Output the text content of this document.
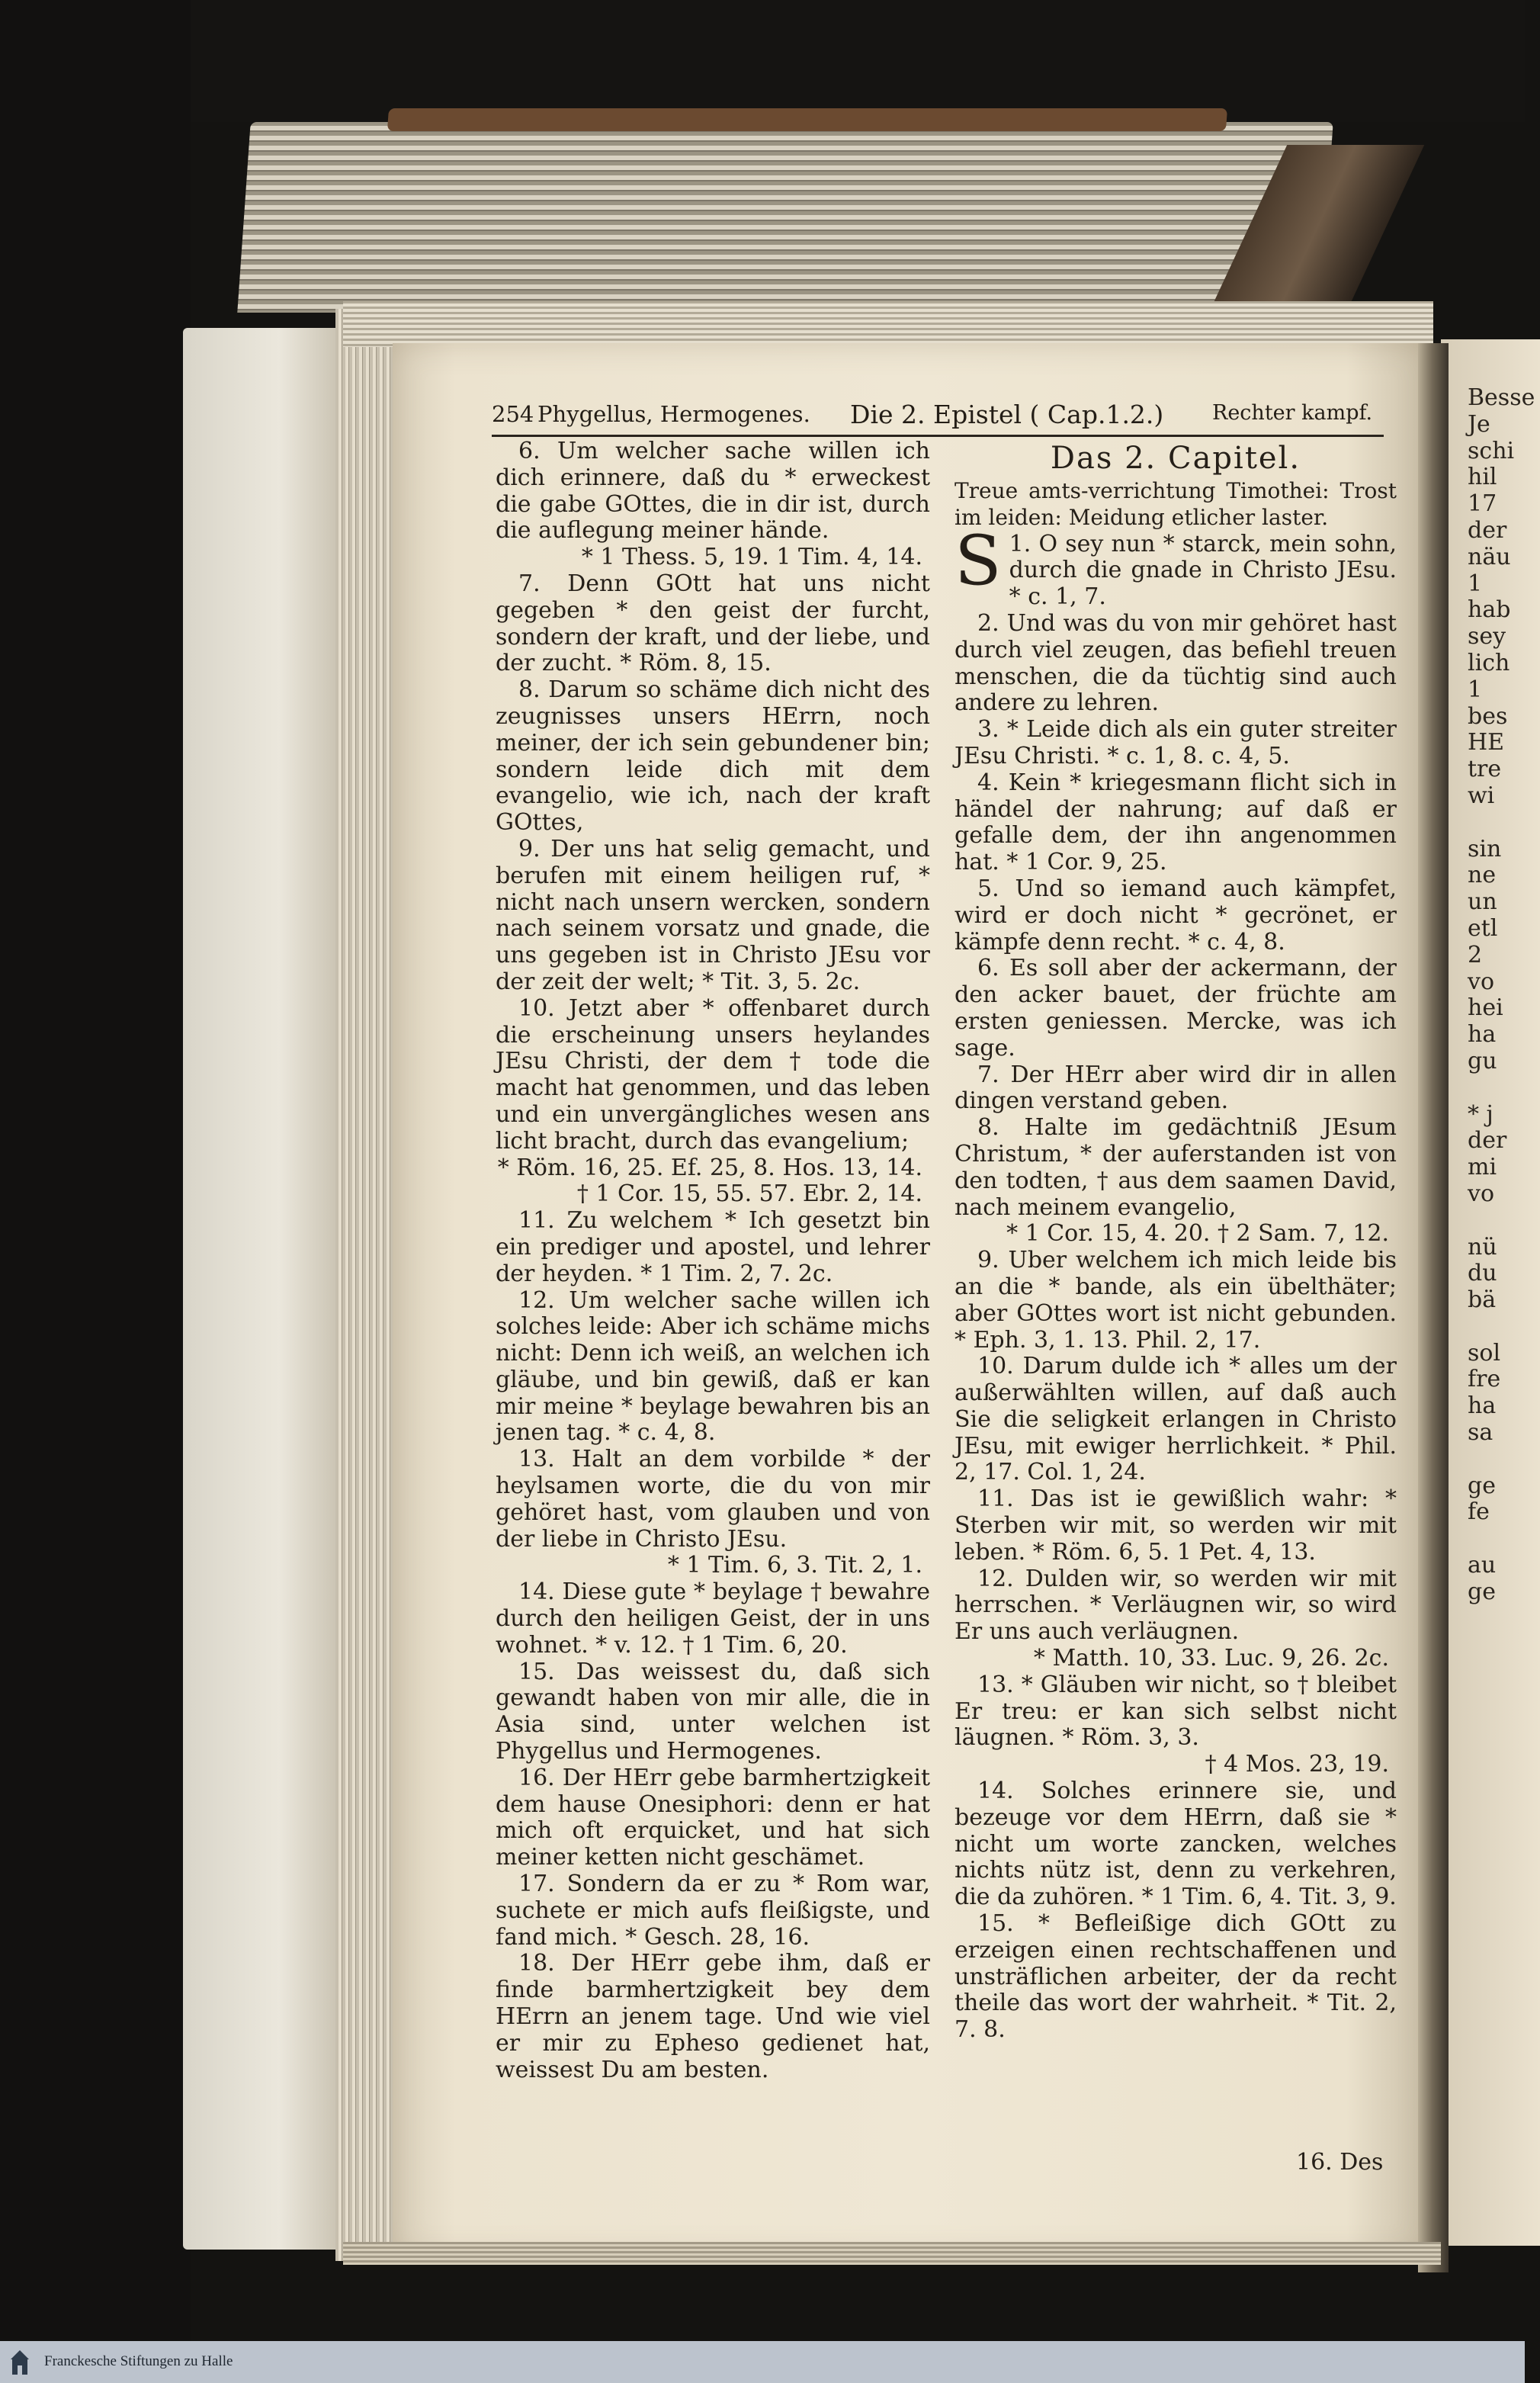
254 Phygellus, Hermogenes. Die 2. Epistel ( Cap.1.2.) Rechter kampf.

6. Um welcher sache willen ich dich erinnere, daß du * erweckest die gabe GOttes, die in dir ist, durch die auflegung meiner hände.

* 1 Thess. 5, 19. 1 Tim. 4, 14.

7. Denn GOtt hat uns nicht gegeben * den geist der furcht, sondern der kraft, und der liebe, und der zucht. * Röm. 8, 15.

8. Darum so schäme dich nicht des zeugnisses unsers HErrn, noch meiner, der ich sein gebundener bin; sondern leide dich mit dem evangelio, wie ich, nach der kraft GOttes,

9. Der uns hat selig gemacht, und berufen mit einem heiligen ruf, * nicht nach unsern wercken, sondern nach seinem vorsatz und gnade, die uns gegeben ist in Christo JEsu vor der zeit der welt; * Tit. 3, 5. 2c.

10. Jetzt aber * offenbaret durch die erscheinung unsers heylandes JEsu Christi, der dem † tode die macht hat genommen, und das leben und ein unvergängliches wesen ans licht bracht, durch das evangelium;

* Röm. 16, 25. Ef. 25, 8. Hos. 13, 14. † 1 Cor. 15, 55. 57. Ebr. 2, 14.

11. Zu welchem * Ich gesetzt bin ein prediger und apostel, und lehrer der heyden. * 1 Tim. 2, 7. 2c.

12. Um welcher sache willen ich solches leide: Aber ich schäme michs nicht: Denn ich weiß, an welchen ich gläube, und bin gewiß, daß er kan mir meine * beylage bewahren bis an jenen tag. * c. 4, 8.

13. Halt an dem vorbilde * der heylsamen worte, die du von mir gehöret hast, vom glauben und von der liebe in Christo JEsu.

* 1 Tim. 6, 3. Tit. 2, 1.

14. Diese gute * beylage † bewahre durch den heiligen Geist, der in uns wohnet. * v. 12. † 1 Tim. 6, 20.

15. Das weissest du, daß sich gewandt haben von mir alle, die in Asia sind, unter welchen ist Phygellus und Hermogenes.

16. Der HErr gebe barmhertzigkeit dem hause Onesiphori: denn er hat mich oft erquicket, und hat sich meiner ketten nicht geschämet.

17. Sondern da er zu * Rom war, suchete er mich aufs fleißigste, und fand mich. * Gesch. 28, 16.

18. Der HErr gebe ihm, daß er finde barmhertzigkeit bey dem HErrn an jenem tage. Und wie viel er mir zu Epheso gedienet hat, weissest Du am besten.

Das 2. Capitel.
Treue amts-verrichtung Timothei: Trost im leiden: Meidung etlicher laster.

1.
S O sey nun * starck, mein sohn, durch die gnade in Christo JEsu. * c. 1, 7.

2. Und was du von mir gehöret hast durch viel zeugen, das befiehl treuen menschen, die da tüchtig sind auch andere zu lehren.

3. * Leide dich als ein guter streiter JEsu Christi. * c. 1, 8. c. 4, 5.

4. Kein * kriegesmann flicht sich in händel der nahrung; auf daß er gefalle dem, der ihn angenommen hat. * 1 Cor. 9, 25.

5. Und so iemand auch kämpfet, wird er doch nicht * gecrönet, er kämpfe denn recht. * c. 4, 8.

6. Es soll aber der ackermann, der den acker bauet, der früchte am ersten geniessen. Mercke, was ich sage.

7. Der HErr aber wird dir in allen dingen verstand geben.

8. Halte im gedächtniß JEsum Christum, * der auferstanden ist von den todten, † aus dem saamen David, nach meinem evangelio,

* 1 Cor. 15, 4. 20. † 2 Sam. 7, 12.

9. Uber welchem ich mich leide bis an die * bande, als ein übelthäter; aber GOttes wort ist nicht gebunden. * Eph. 3, 1. 13. Phil. 2, 17.

10. Darum dulde ich * alles um der außerwählten willen, auf daß auch Sie die seligkeit erlangen in Christo JEsu, mit ewiger herrlichkeit. * Phil. 2, 17. Col. 1, 24.

11. Das ist ie gewißlich wahr: * Sterben wir mit, so werden wir mit leben. * Röm. 6, 5. 1 Pet. 4, 13.

12. Dulden wir, so werden wir mit herrschen. * Verläugnen wir, so wird Er uns auch verläugnen.

* Matth. 10, 33. Luc. 9, 26. 2c.

13. * Gläuben wir nicht, so † bleibet Er treu: er kan sich selbst nicht läugnen. * Röm. 3, 3.

† 4 Mos. 23, 19.

14. Solches erinnere sie, und bezeuge vor dem HErrn, daß sie * nicht um worte zancken, welches nichts nütz ist, denn zu verkehren, die da zuhören. * 1 Tim. 6, 4. Tit. 3, 9.

15. * Befleißige dich GOtt zu erzeigen einen rechtschaffenen und unsträflichen arbeiter, der da recht theile das wort der wahrheit. * Tit. 2, 7. 8.

16. Des
Besse
Je
schi
hil
17
der
näu
1
hab
sey
lich
1
bes
HE
tre
wi
sin
ne
un
etl
2
vo
hei
ha
gu
* j
der
mi
vo
nü
du
bä
sol
fre
ha
sa
ge
fe
au
ge
Franckesche Stiftungen zu Halle
